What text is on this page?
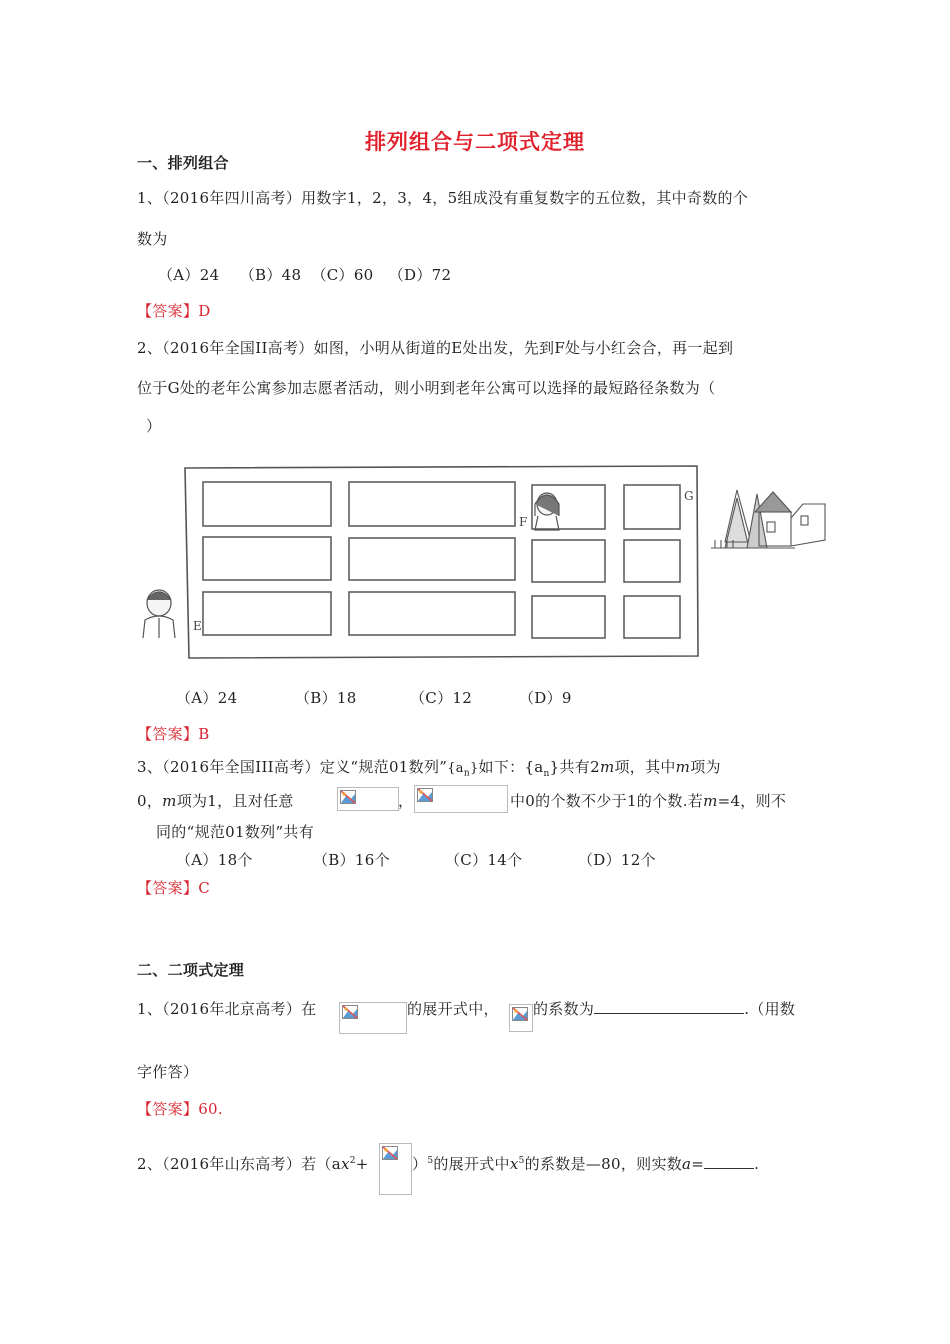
排列组合与二项式定理
一、排列组合
1、（2016年四川高考）用数字1，2，3，4，5组成没有重复数字的五位数，其中奇数的个
数为
（A）24    （B）48  （C）60   （D）72
【答案】D
2、（2016年全国II高考）如图，小明从街道的E处出发，先到F处与小红会合，再一起到
位于G处的老年公寓参加志愿者活动，则小明到老年公寓可以选择的最短路径条数为（
）
E
F
G
（A）24	（B）18	（C）12	（D）9
【答案】B
3、（2016年全国III高考）定义“规范01数列$”\{a_n\}$如下：$\{a_n\}$共有2m项，其中m项为
0，m项为1，且对任意	，	中0的个数不少于1的个数.若m=4，则不
同的“规范01数列”共有
（A）18个	（B）16个	（C）14个	（D）12个
【答案】C
二、二项式定理
1、（2016年北京高考）在	的展开式中， 的系数为	.（用数
字作答）
【答案】60.
2、（2016年山东高考）若（$ax^2+$	）$^5$的展开式中$x^5$的系数是—80，则实数a=	.
